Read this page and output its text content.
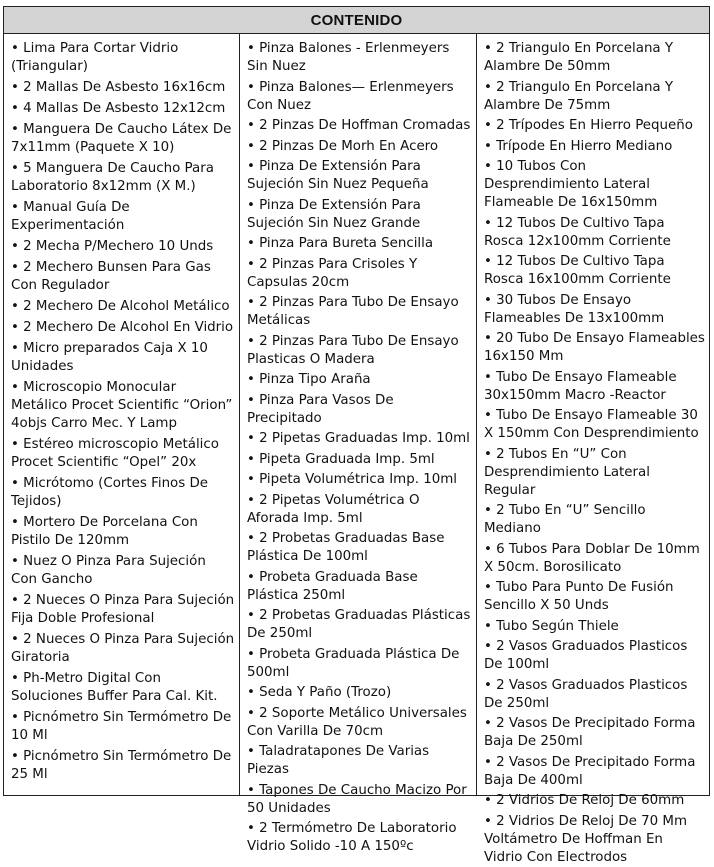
CONTENIDO
• Lima Para Cortar Vidrio (Triangular)
• 2 Mallas De Asbesto 16x16cm
• 4 Mallas De Asbesto 12x12cm
• Manguera De Caucho Látex De 7x11mm (Paquete X 10)
• 5 Manguera De Caucho Para Laboratorio 8x12mm (X M.)
• Manual Guía De Experimentación
• 2 Mecha P/Mechero 10 Unds
• 2 Mechero Bunsen Para Gas Con Regulador
• 2 Mechero De Alcohol Metálico
• 2 Mechero De Alcohol En Vidrio
• Micro preparados Caja X 10 Unidades
• Microscopio Monocular Metálico Procet Scientific “Orion” 4objs Carro Mec. Y Lamp
• Estéreo microscopio Metálico Procet Scientific “Opel” 20x
• Micrótomo (Cortes Finos De Tejidos)
• Mortero De Porcelana Con Pistilo De 120mm
• Nuez O Pinza Para Sujeción Con Gancho
• 2 Nueces O Pinza Para Sujeción Fija Doble Profesional
• 2 Nueces O Pinza Para Sujeción Giratoria
• Ph-Metro Digital Con Soluciones Buffer Para Cal. Kit.
• Picnómetro Sin Termómetro De 10 Ml
• Picnómetro Sin Termómetro De 25 Ml
• Pinza Balones - Erlenmeyers Sin Nuez
• Pinza Balones— Erlenmeyers Con Nuez
• 2 Pinzas De Hoffman Cromadas
• 2 Pinzas De Morh En Acero
• Pinza De Extensión Para Sujeción Sin Nuez Pequeña
• Pinza De Extensión Para Sujeción Sin Nuez Grande
• Pinza Para Bureta Sencilla
• 2 Pinzas Para Crisoles Y Capsulas 20cm
• 2 Pinzas Para Tubo De Ensayo Metálicas
• 2 Pinzas Para Tubo De Ensayo Plasticas O Madera
• Pinza Tipo Araña
• Pinza Para Vasos De Precipitado
• 2 Pipetas Graduadas Imp. 10ml
• Pipeta Graduada Imp. 5ml
• Pipeta Volumétrica Imp. 10ml
• 2 Pipetas Volumétrica O Aforada Imp. 5ml
• 2 Probetas Graduadas Base Plástica De 100ml
• Probeta Graduada Base Plástica 250ml
• 2 Probetas Graduadas Plásticas De 250ml
• Probeta Graduada Plástica De 500ml
• Seda Y Paño (Trozo)
• 2 Soporte Metálico Universales Con Varilla De 70cm
• Taladratapones De Varias Piezas
• Tapones De Caucho Macizo Por 50 Unidades
• 2 Termómetro De Laboratorio Vidrio Solido -10 A 150ºc
• 2 Triangulo En Porcelana Y Alambre De 50mm
• 2 Triangulo En Porcelana Y Alambre De 75mm
• 2 Trípodes En Hierro Pequeño
• Trípode En Hierro Mediano
• 10 Tubos Con Desprendimiento Lateral Flameable De 16x150mm
• 12 Tubos De Cultivo Tapa Rosca 12x100mm Corriente
• 12 Tubos De Cultivo Tapa Rosca 16x100mm Corriente
• 30 Tubos De Ensayo Flameables De 13x100mm
• 20 Tubo De Ensayo Flameables 16x150 Mm
• Tubo De Ensayo Flameable 30x150mm Macro -Reactor
• Tubo De Ensayo Flameable 30 X 150mm Con Desprendimiento
• 2 Tubos En “U” Con Desprendimiento Lateral Regular
• 2 Tubo En “U” Sencillo Mediano
• 6 Tubos Para Doblar De 10mm X 50cm. Borosilicato
• Tubo Para Punto De Fusión Sencillo X 50 Unds
• Tubo Según Thiele
• 2 Vasos Graduados Plasticos De 100ml
• 2 Vasos Graduados Plasticos De 250ml
• 2 Vasos De Precipitado Forma Baja De 250ml
• 2 Vasos De Precipitado Forma Baja De 400ml
• 2 Vidrios De Reloj De 60mm
• 2 Vidrios De Reloj De 70 Mm Voltámetro De Hoffman En Vidrio Con Electrodos
